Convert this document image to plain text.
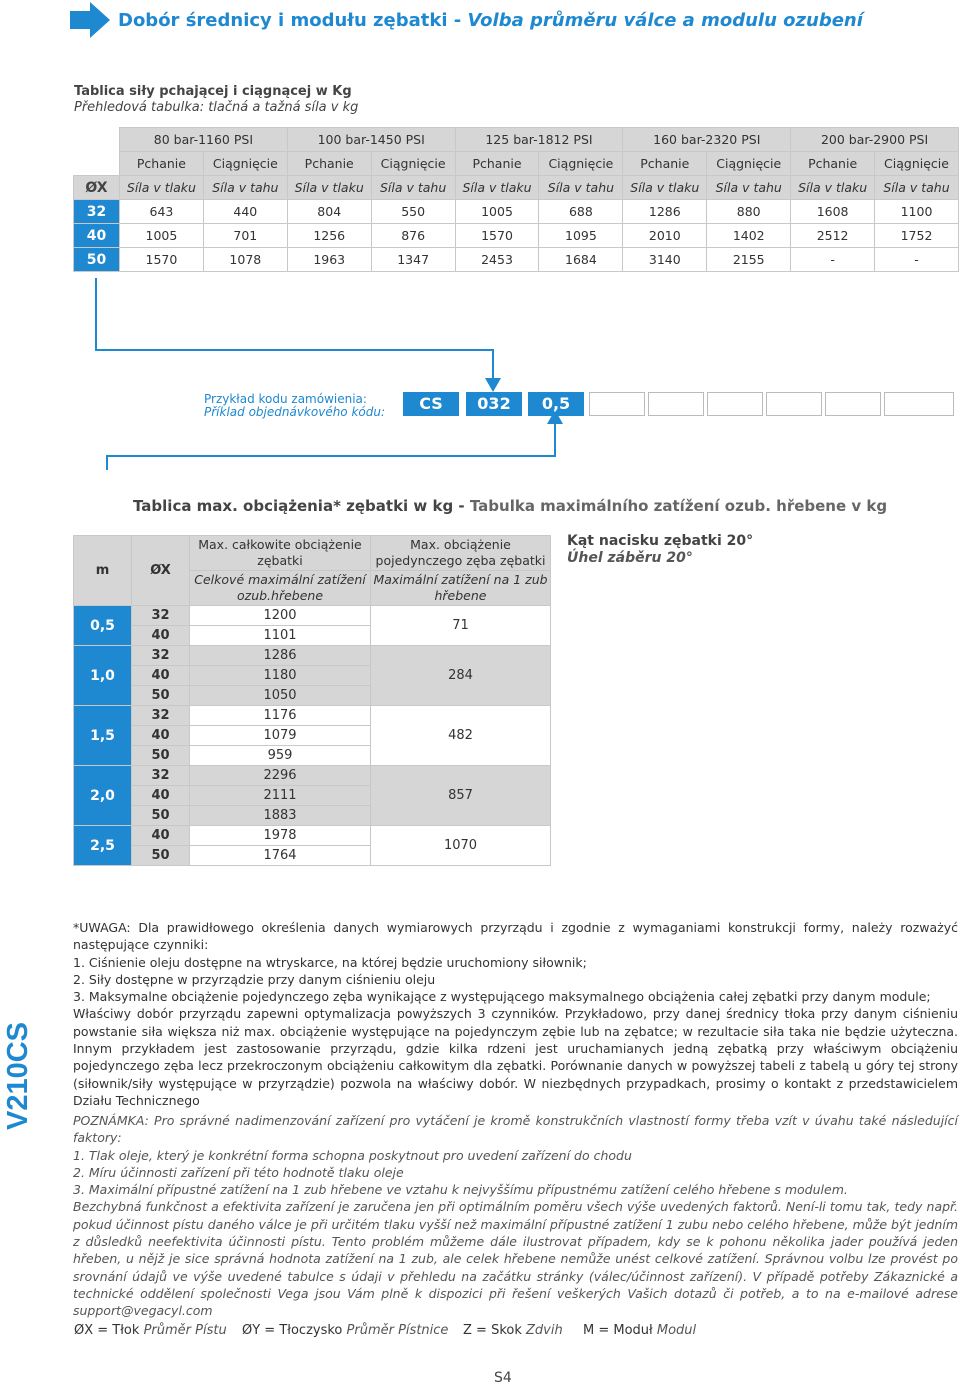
Dobór średnicy i modułu zębatki - Volba průměru válce a modulu ozubení
Tablica siły pchającej i ciągnącej w Kg
Přehledová tabulka: tlačná a tažná síla v kg
	80 bar-1160 PSI		100 bar-1450 PSI		125 bar-1812 PSI		160 bar-2320 PSI		200 bar-2900 PSI	
	Pchanie	Ciągnięcie	Pchanie	Ciągnięcie	Pchanie	Ciągnięcie	Pchanie	Ciągnięcie	Pchanie	Ciągnięcie
ØX	Síla v tlaku	Síla v tahu	Síla v tlaku	Síla v tahu	Síla v tlaku	Síla v tahu	Síla v tlaku	Síla v tahu	Síla v tlaku	Síla v tahu
32	643	440	804	550	1005	688	1286	880	1608	1100
40	1005	701	1256	876	1570	1095	2010	1402	2512	1752
50	1570	1078	1963	1347	2453	1684	3140	2155	-	-
Przykład kodu zamówienia:
Příklad objednávkového kódu:	CS	032	0,5
Tablica max. obciążenia* zębatki w kg - Tabulka maximálního zatížení ozub. hřebene v kg
m	ØX	Max. całkowite obciążenie zębatki	Max. obciążenie pojedynczego zęba zębatki
		Celkové maximální zatížení ozub.hřebene	Maximální zatížení na 1 zub hřebene
0,5	32	1200	71
	40	1101	
1,0	32	1286	284
	40	1180	
	50	1050	
1,5	32	1176	482
	40	1079	
	50	959	
2,0	32	2296	857
	40	2111	
	50	1883	
2,5	40	1978	1070
	50	1764	
Kąt nacisku zębatki 20°
Úhel záběru 20°

*UWAGA: Dla prawidłowego określenia danych wymiarowych przyrządu i zgodnie z wymaganiami konstrukcji formy, należy rozważyć następujące czynniki:

1. Ciśnienie oleju dostępne na wtryskarce, na której będzie uruchomiony siłownik;

2. Siły dostępne w przyrządzie przy danym ciśnieniu oleju

3. Maksymalne obciążenie pojedynczego zęba wynikające z występującego maksymalnego obciążenia całej zębatki przy danym module;

Właściwy dobór przyrządu zapewni optymalizacja powyższych 3 czynników. Przykładowo, przy danej średnicy tłoka przy danym ciśnieniu powstanie siła większa niż max. obciążenie występujące na pojedynczym zębie lub na zębatce; w rezultacie siła taka nie będzie użyteczna. Innym przykładem jest zastosowanie przyrządu, gdzie kilka rdzeni jest uruchamianych jedną zębatką przy właściwym obciążeniu pojedynczego zęba lecz przekroczonym obciążeniu całkowitym dla zębatki. Porównanie danych w powyższej tabeli z tabelą u góry tej strony (siłownik/siły występujące w przyrządzie) pozwola na właściwy dobór. W niezbędnych przypadkach, prosimy o kontakt z przedstawicielem Działu Technicznego

POZNÁMKA: Pro správné nadimenzování zařízení pro vytáčení je kromě konstrukčních vlastností formy třeba vzít v úvahu také následující faktory:

1. Tlak oleje, který je konkrétní forma schopna poskytnout pro uvedení zařízení do chodu

2. Míru účinnosti zařízení při této hodnotě tlaku oleje

3. Maximální přípustné zatížení na 1 zub hřebene ve vztahu k nejvyššímu přípustnému zatížení celého hřebene s modulem.

Bezchybná funkčnost a efektivita zařízení je zaručena jen při optimálním poměru všech výše uvedených faktorů. Není-li tomu tak, tedy např. pokud účinnost pístu daného válce je při určitém tlaku vyšší než maximální přípustné zatížení 1 zubu nebo celého hřebene, může být jedním z důsledků neefektivita účinnosti pístu. Tento problém můžeme dále ilustrovat případem, kdy se k pohonu několika jader používá jeden hřeben, u nějž je sice správná hodnota zatížení na 1 zub, ale celek hřebene nemůže unést celkové zatížení. Správnou volbu lze provést po srovnání údajů ve výše uvedené tabulce s údaji v přehledu na začátku stránky (válec/účinnost zařízení). V případě potřeby Zákaznické a technické oddělení společnosti Vega jsou Vám plně k dispozici při řešení veškerých Vašich dotazů či potřeb, a to na e-mailové adrese support@vegacyl.com

V210CS
ØX = Tłok Průměr Pístu ØY = Tłoczysko Průměr Pístnice Z = Skok Zdvih M = Moduł Modul
S4
